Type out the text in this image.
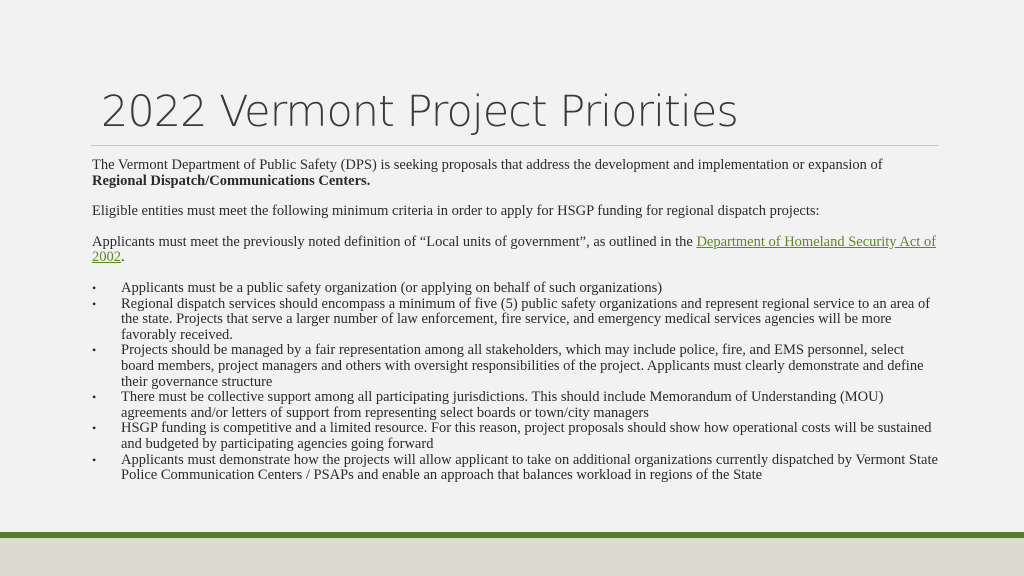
2022 Vermont Project Priorities

The Vermont Department of Public Safety (DPS) is seeking proposals that address the development and implementation or expansion of Regional Dispatch/Communications Centers.

Eligible entities must meet the following minimum criteria in order to apply for HSGP funding for regional dispatch projects:

Applicants must meet the previously noted definition of “Local units of government”, as outlined in the Department of Homeland Security Act of 2002.

• Applicants must be a public safety organization (or applying on behalf of such organizations)
• Regional dispatch services should encompass a minimum of five (5) public safety organizations and represent regional service to an area of the state. Projects that serve a larger number of law enforcement, fire service, and emergency medical services agencies will be more favorably received.
• Projects should be managed by a fair representation among all stakeholders, which may include police, fire, and EMS personnel, select board members, project managers and others with oversight responsibilities of the project. Applicants must clearly demonstrate and define their governance structure
• There must be collective support among all participating jurisdictions. This should include Memorandum of Understanding (MOU) agreements and/or letters of support from representing select boards or town/city managers
• HSGP funding is competitive and a limited resource. For this reason, project proposals should show how operational costs will be sustained and budgeted by participating agencies going forward
• Applicants must demonstrate how the projects will allow applicant to take on additional organizations currently dispatched by Vermont State Police Communication Centers / PSAPs and enable an approach that balances workload in regions of the State
